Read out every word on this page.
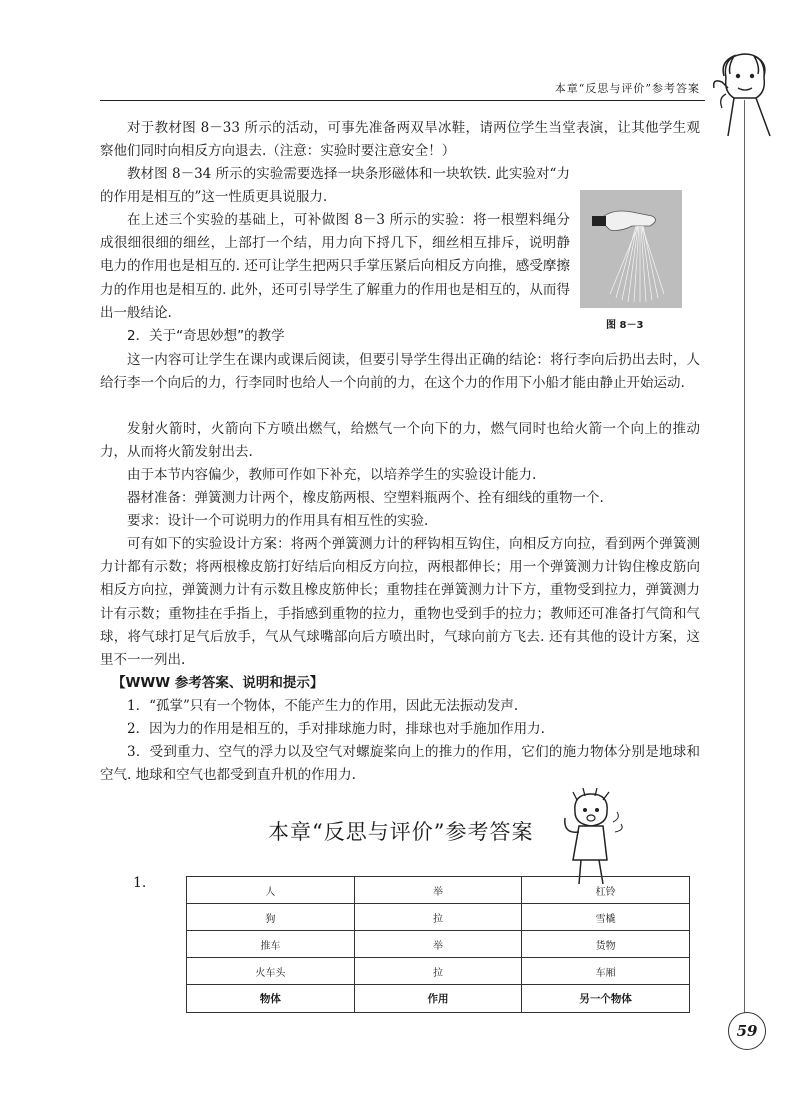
本章“反思与评价”参考答案

对于教材图 8－33 所示的活动，可事先准备两双旱冰鞋，请两位学生当堂表演，让其他学生观察他们同时向相反方向退去.（注意：实验时要注意安全！）

教材图 8－34 所示的实验需要选择一块条形磁体和一块软铁. 此实验对“力的作用是相互的”这一性质更具说服力.

在上述三个实验的基础上，可补做图 8－3 所示的实验：将一根塑料绳分成很细很细的细丝，上部打一个结，用力向下捋几下，细丝相互排斥，说明静电力的作用也是相互的. 还可让学生把两只手掌压紧后向相反方向推，感受摩擦力的作用也是相互的. 此外，还可引导学生了解重力的作用也是相互的，从而得出一般结论.

图 8－3

2．关于“奇思妙想”的教学

这一内容可让学生在课内或课后阅读，但要引导学生得出正确的结论：将行李向后扔出去时，人给行李一个向后的力，行李同时也给人一个向前的力，在这个力的作用下小船才能由静止开始运动.

发射火箭时，火箭向下方喷出燃气，给燃气一个向下的力，燃气同时也给火箭一个向上的推动力，从而将火箭发射出去.

由于本节内容偏少，教师可作如下补充，以培养学生的实验设计能力.

器材准备：弹簧测力计两个，橡皮筋两根、空塑料瓶两个、拴有细线的重物一个.

要求：设计一个可说明力的作用具有相互性的实验.

可有如下的实验设计方案：将两个弹簧测力计的秤钩相互钩住，向相反方向拉，看到两个弹簧测力计都有示数；将两根橡皮筋打好结后向相反方向拉，两根都伸长；用一个弹簧测力计钩住橡皮筋向相反方向拉，弹簧测力计有示数且橡皮筋伸长；重物挂在弹簧测力计下方，重物受到拉力，弹簧测力计有示数；重物挂在手指上，手指感到重物的拉力，重物也受到手的拉力；教师还可准备打气筒和气球，将气球打足气后放手，气从气球嘴部向后方喷出时，气球向前方飞去. 还有其他的设计方案，这里不一一列出.

【WWW 参考答案、说明和提示】

1．“孤掌”只有一个物体，不能产生力的作用，因此无法振动发声.

2．因为力的作用是相互的，手对排球施力时，排球也对手施加作用力.

3．受到重力、空气的浮力以及空气对螺旋桨向上的推力的作用，它们的施力物体分别是地球和空气. 地球和空气也都受到直升机的作用力.

本章“反思与评价”参考答案
1.
人	举	杠铃
狗	拉	雪橇
推车	举	货物
火车头	拉	车厢
物体	作用	另一个物体
59
